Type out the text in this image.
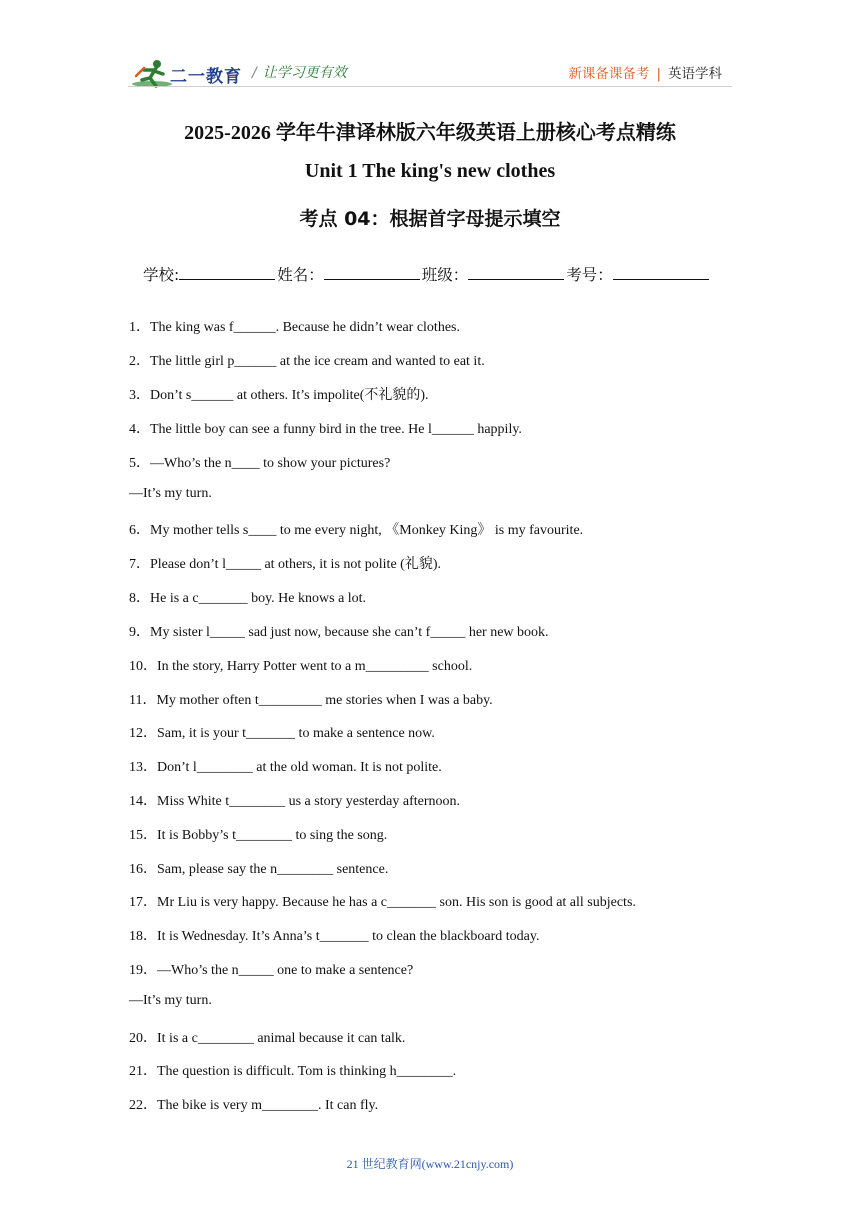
二一教育 / 让学习更有效	新课备课备考 | 英语学科
2025-2026 学年牛津译林版六年级英语上册核心考点精练
Unit 1 The king's new clothes
考点 04：根据首字母提示填空
学校:	姓名：	班级：	考号：
1．The king was f______. Because he didn’t wear clothes.
2．The little girl p______ at the ice cream and wanted to eat it.
3．Don’t s______ at others. It’s impolite(不礼貌的).
4．The little boy can see a funny bird in the tree. He l______ happily.
5．—Who’s the n____ to show your pictures?
—It’s my turn.
6．My mother tells s____ to me every night, 《Monkey King》 is my favourite.
7．Please don’t l_____ at others, it is not polite (礼貌).
8．He is a c_______ boy. He knows a lot.
9．My sister l_____ sad just now, because she can’t f_____ her new book.
10．In the story, Harry Potter went to a m_________ school.
11．My mother often t_________ me stories when I was a baby.
12．Sam, it is your t_______ to make a sentence now.
13．Don’t l________ at the old woman. It is not polite.
14．Miss White t________ us a story yesterday afternoon.
15．It is Bobby’s t________ to sing the song.
16．Sam, please say the n________ sentence.
17．Mr Liu is very happy. Because he has a c_______ son. His son is good at all subjects.
18．It is Wednesday. It’s Anna’s t_______ to clean the blackboard today.
19．—Who’s the n_____ one to make a sentence?
—It’s my turn.
20．It is a c________ animal because it can talk.
21．The question is difficult. Tom is thinking h________.
22．The bike is very m________. It can fly.
21 世纪教育网(www.21cnjy.com)
